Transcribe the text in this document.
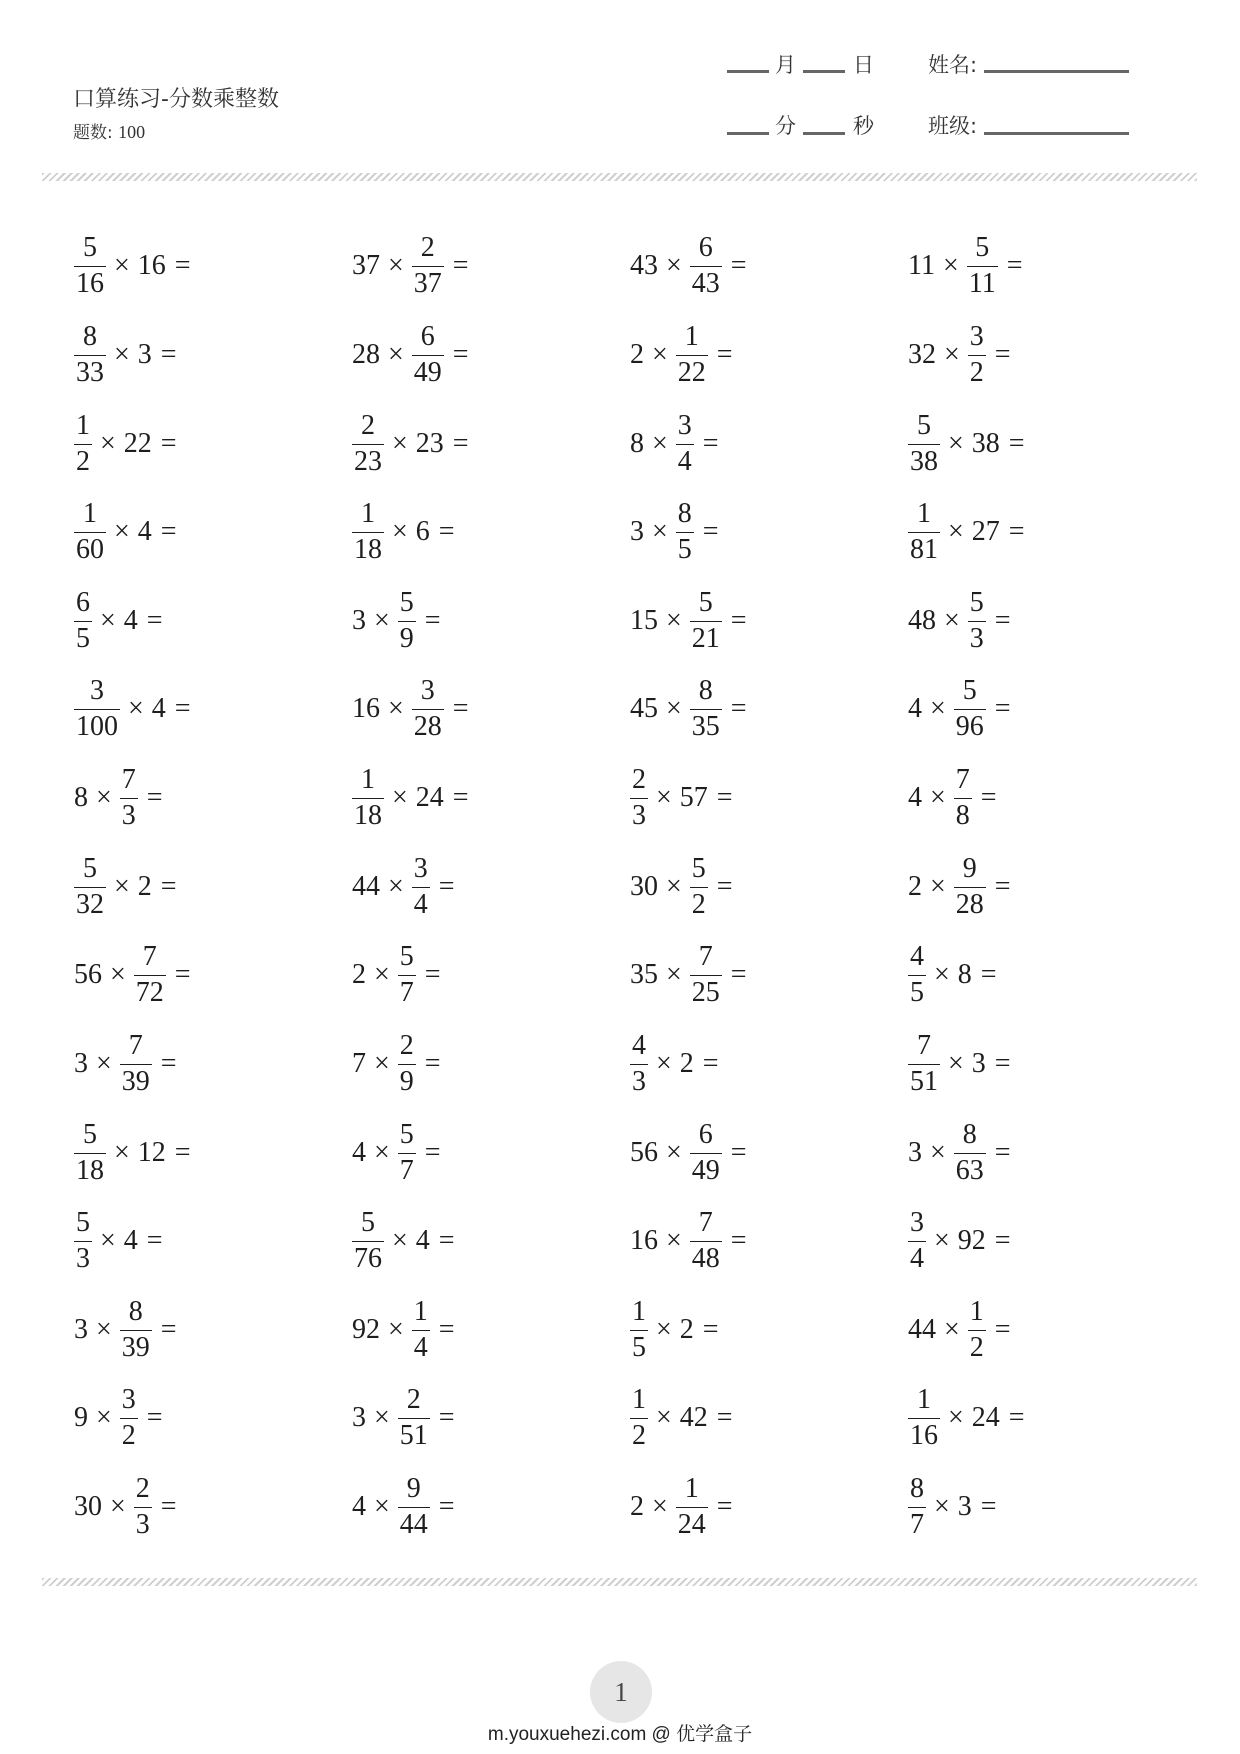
口算练习-分数乘整数
题数: 100
月	日	姓名:
分	秒	班级:
$\frac{5}{16} \times 16$ =	$37 \times \frac{2}{37}$ =	$43 \times \frac{6}{43}$ =	$11 \times \frac{5}{11}$ =
$\frac{8}{33} \times 3$ =	$28 \times \frac{6}{49}$ =	$2 \times \frac{1}{22}$ =	$32 \times \frac{3}{2}$ =
$\frac{1}{2} \times 22$ =	$\frac{2}{23} \times 23$ =	$8 \times \frac{3}{4}$ =	$\frac{5}{38} \times 38$ =
$\frac{1}{60} \times 4$ =	$\frac{1}{18} \times 6$ =	$3 \times \frac{8}{5}$ =	$\frac{1}{81} \times 27$ =
$\frac{6}{5} \times 4$ =	$3 \times \frac{5}{9}$ =	$15 \times \frac{5}{21}$ =	$48 \times \frac{5}{3}$ =
$\frac{3}{100} \times 4$ =	$16 \times \frac{3}{28}$ =	$45 \times \frac{8}{35}$ =	$4 \times \frac{5}{96}$ =
$8 \times \frac{7}{3}$ =	$\frac{1}{18} \times 24$ =	$\frac{2}{3} \times 57$ =	$4 \times \frac{7}{8}$ =
$\frac{5}{32} \times 2$ =	$44 \times \frac{3}{4}$ =	$30 \times \frac{5}{2}$ =	$2 \times \frac{9}{28}$ =
$56 \times \frac{7}{72}$ =	$2 \times \frac{5}{7}$ =	$35 \times \frac{7}{25}$ =	$\frac{4}{5} \times 8$ =
$3 \times \frac{7}{39}$ =	$7 \times \frac{2}{9}$ =	$\frac{4}{3} \times 2$ =	$\frac{7}{51} \times 3$ =
$\frac{5}{18} \times 12$ =	$4 \times \frac{5}{7}$ =	$56 \times \frac{6}{49}$ =	$3 \times \frac{8}{63}$ =
$\frac{5}{3} \times 4$ =	$\frac{5}{76} \times 4$ =	$16 \times \frac{7}{48}$ =	$\frac{3}{4} \times 92$ =
$3 \times \frac{8}{39}$ =	$92 \times \frac{1}{4}$ =	$\frac{1}{5} \times 2$ =	$44 \times \frac{1}{2}$ =
$9 \times \frac{3}{2}$ =	$3 \times \frac{2}{51}$ =	$\frac{1}{2} \times 42$ =	$\frac{1}{16} \times 24$ =
$30 \times \frac{2}{3}$ =	$4 \times \frac{9}{44}$ =	$2 \times \frac{1}{24}$ =	$\frac{8}{7} \times 3$ =
1
m.youxuehezi.com @ 优学盒子
